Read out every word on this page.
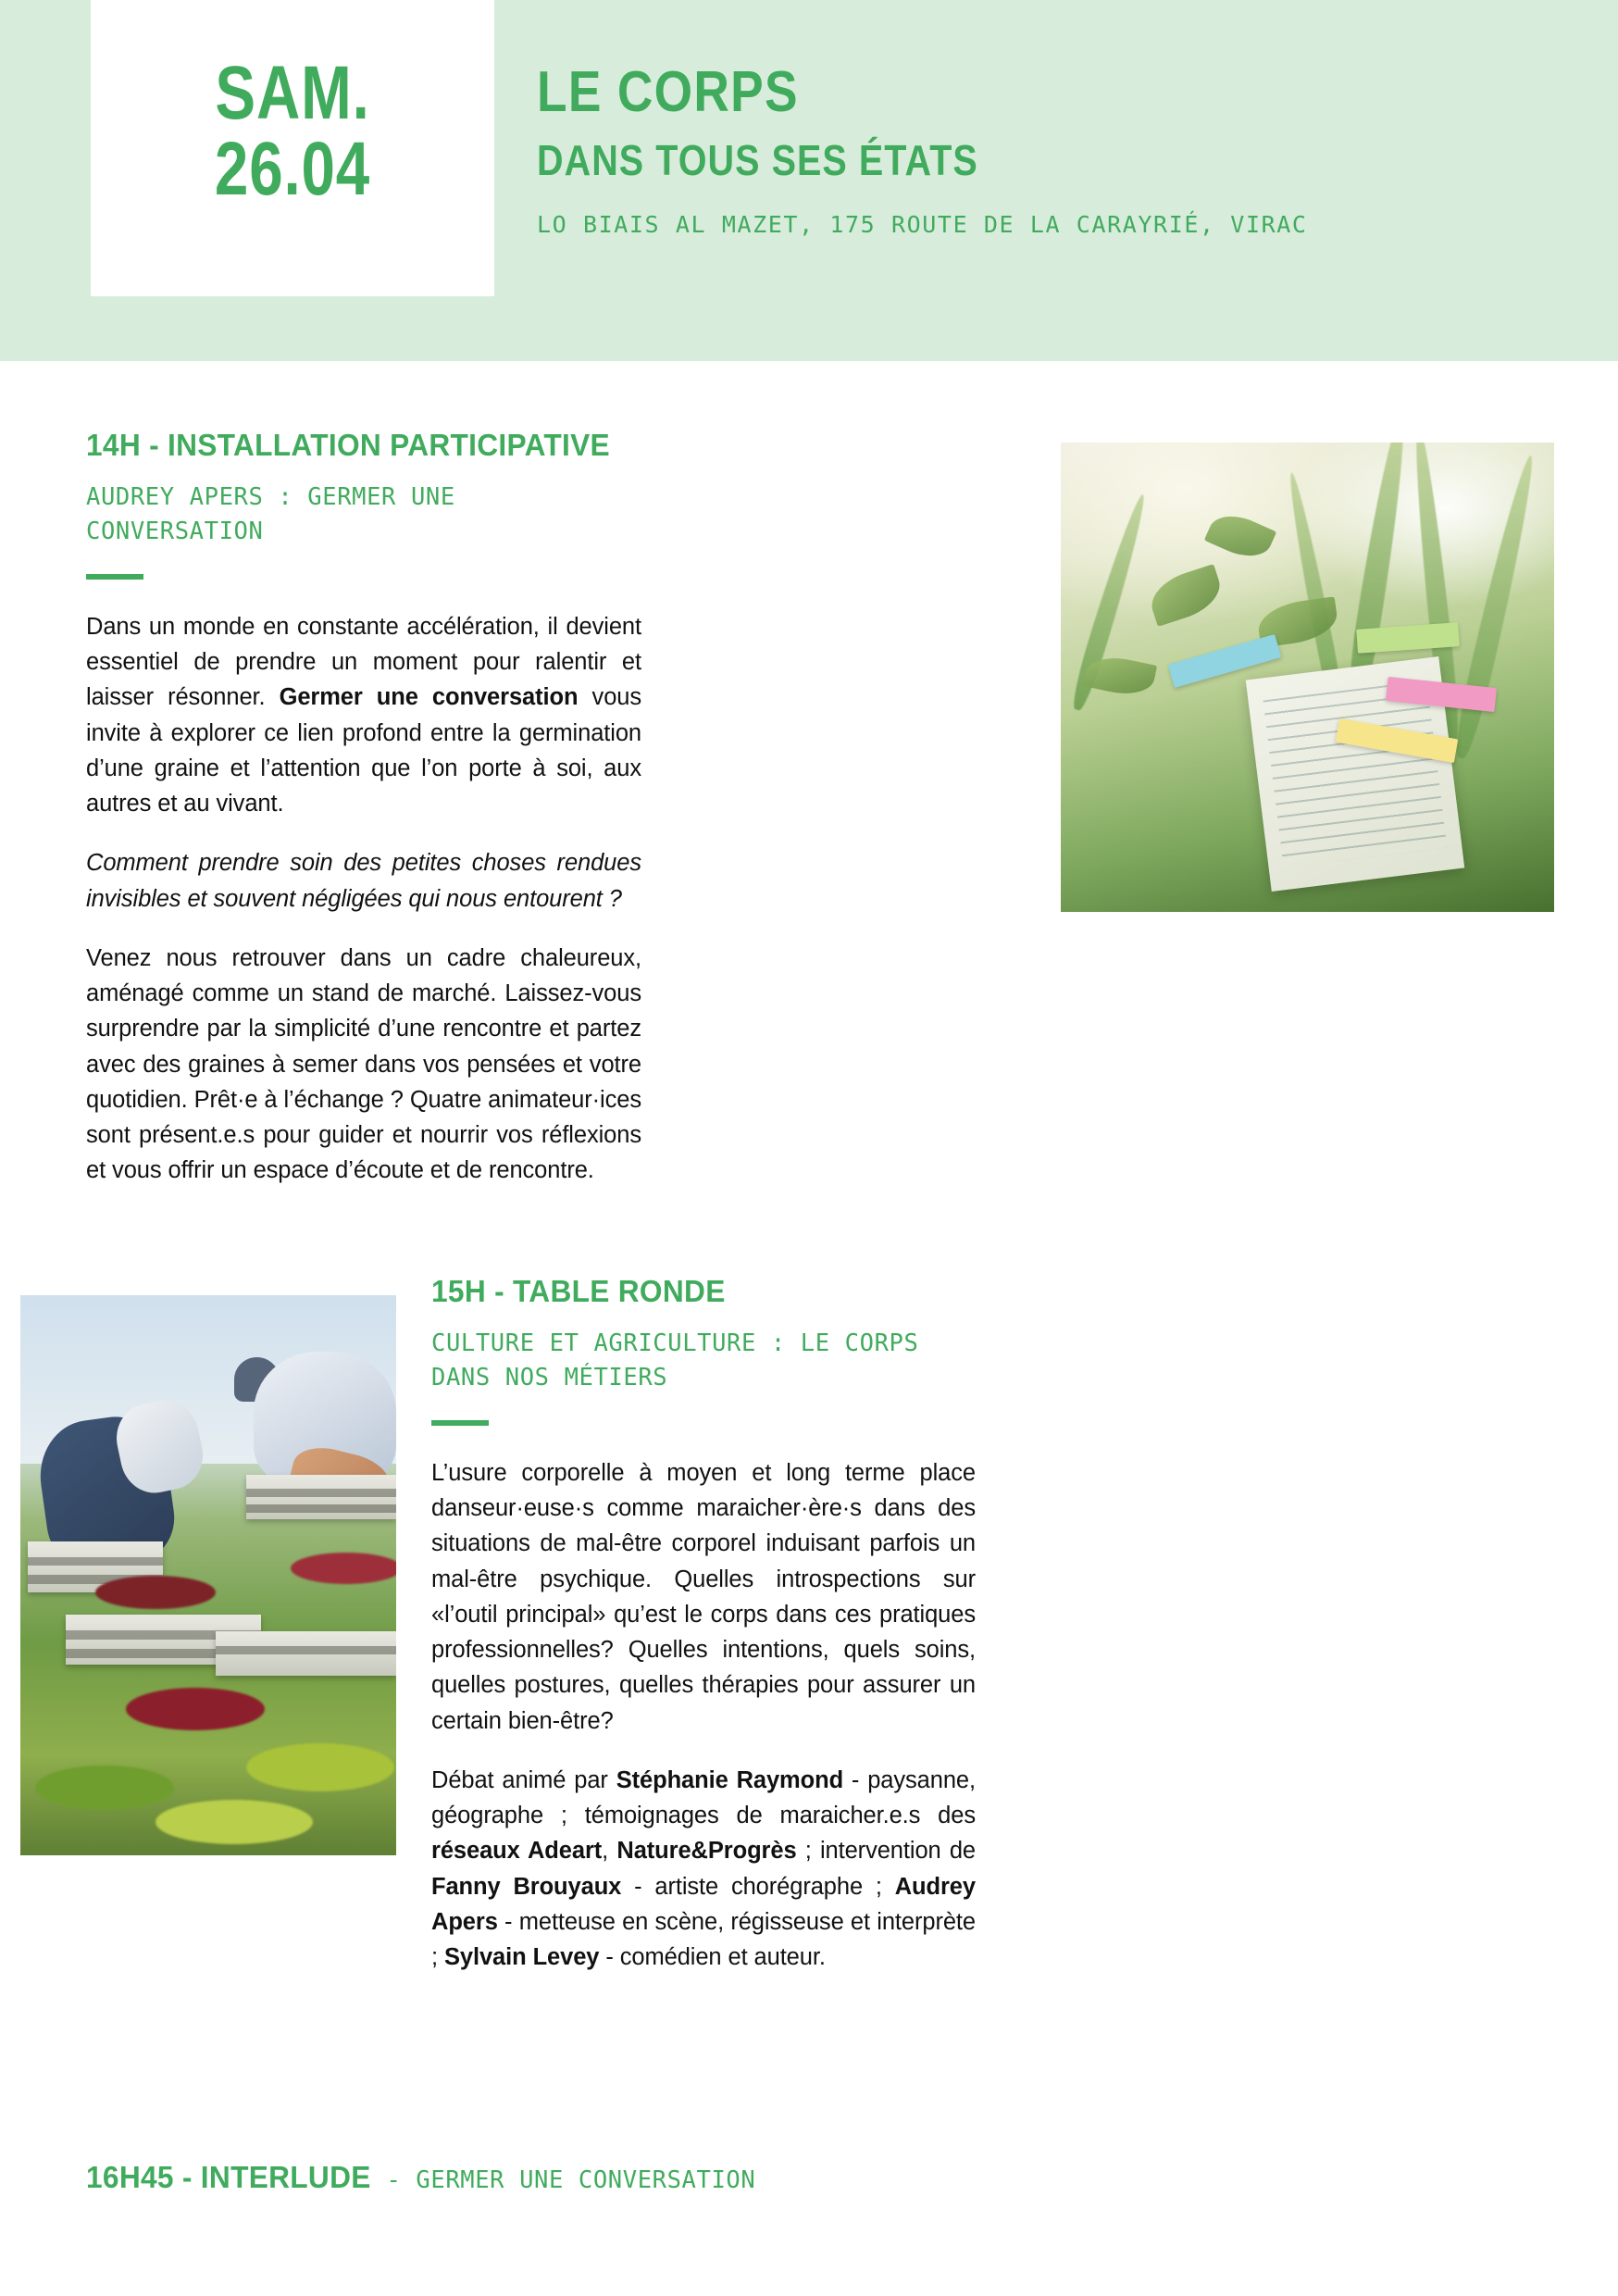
SAM.
26.04
LE CORPS
DANS TOUS SES ÉTATS
LO BIAIS AL MAZET, 175 ROUTE DE LA CARAYRIÉ, VIRAC
14H - INSTALLATION PARTICIPATIVE
AUDREY APERS : GERMER UNE CONVERSATION

Dans un monde en constante accélération, il devient essentiel de prendre un moment pour ralentir et laisser résonner. Germer une conversation vous invite à explorer ce lien profond entre la germination d’une graine et l’attention que l’on porte à soi, aux autres et au vivant.

Comment prendre soin des petites choses rendues invisibles et souvent négligées qui nous entourent ?

Venez nous retrouver dans un cadre chaleureux, aménagé comme un stand de marché. Laissez-vous surprendre par la simplicité d’une rencontre et partez avec des graines à semer dans vos pensées et votre quotidien. Prêt·e à l’échange ? Quatre animateur·ices sont présent.e.s pour guider et nourrir vos réflexions et vous offrir un espace d’écoute et de rencontre.

15H - TABLE RONDE
CULTURE ET AGRICULTURE : LE CORPS DANS NOS MÉTIERS

L’usure corporelle à moyen et long terme place danseur·euse·s comme maraicher·ère·s dans des situations de mal-être corporel induisant parfois un mal-être psychique. Quelles introspections sur «l’outil principal» qu’est le corps dans ces pratiques professionnelles? Quelles intentions, quels soins, quelles postures, quelles thérapies pour assurer un certain bien-être?

Débat animé par Stéphanie Raymond - paysanne, géographe ; témoignages de maraicher.e.s des réseaux Adeart, Nature&Progrès ; intervention de Fanny Brouyaux - artiste chorégraphe ; Audrey Apers - metteuse en scène, régisseuse et interprète ; Sylvain Levey - comédien et auteur.

16H45 - INTERLUDE - GERMER UNE CONVERSATION
